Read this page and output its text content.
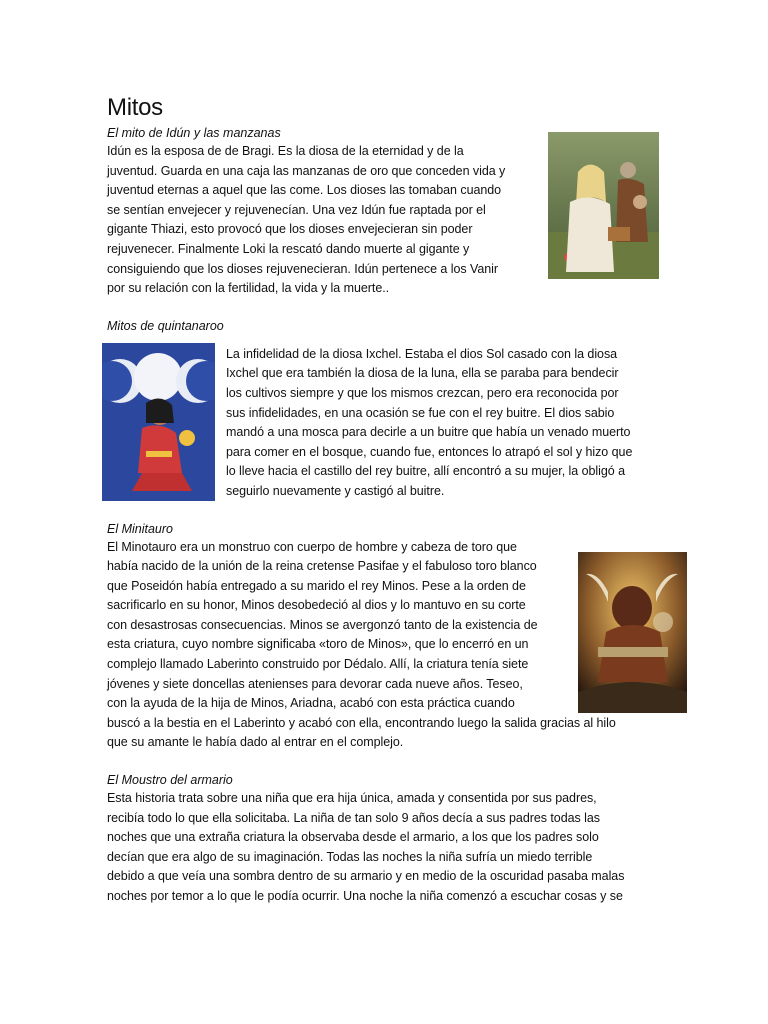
Mitos

El mito de Idún y las manzanas

Idún es la esposa de de Bragi. Es la diosa de la eternidad y de la
juventud. Guarda en una caja las manzanas de oro que conceden vida y
juventud eternas a aquel que las come. Los dioses las tomaban cuando
se sentían envejecer y rejuvenecían. Una vez Idún fue raptada por el
gigante Thiazi, esto provocó que los dioses envejecieran sin poder
rejuvenecer. Finalmente Loki la rescató dando muerte al gigante y
consiguiendo que los dioses rejuvenecieran. Idún pertenece a los Vanir
por su relación con la fertilidad, la vida y la muerte..

Mitos de quintanaroo

La infidelidad de la diosa Ixchel. Estaba el dios Sol casado con la diosa
Ixchel que era también la diosa de la luna, ella se paraba para bendecir
los cultivos siempre y que los mismos crezcan, pero era reconocida por
sus infidelidades, en una ocasión se fue con el rey buitre. El dios sabio
mandó a una mosca para decirle a un buitre que había un venado muerto
para comer en el bosque, cuando fue, entonces lo atrapó el sol y hizo que
lo lleve hacia el castillo del rey buitre, allí encontró a su mujer, la obligó a
seguirlo nuevamente y castigó al buitre.

El Minitauro

El Minotauro era un monstruo con cuerpo de hombre y cabeza de toro que
había nacido de la unión de la reina cretense Pasifae y el fabuloso toro blanco
que Poseidón había entregado a su marido el rey Minos. Pese a la orden de
sacrificarlo en su honor, Minos desobedeció al dios y lo mantuvo en su corte
con desastrosas consecuencias. Minos se avergonzó tanto de la existencia de
esta criatura, cuyo nombre significaba «toro de Minos», que lo encerró en un
complejo llamado Laberinto construido por Dédalo. Allí, la criatura tenía siete
jóvenes y siete doncellas atenienses para devorar cada nueve años. Teseo,
con la ayuda de la hija de Minos, Ariadna, acabó con esta práctica cuando
buscó a la bestia en el Laberinto y acabó con ella, encontrando luego la salida gracias al hilo
que su amante le había dado al entrar en el complejo.

El Moustro del armario

Esta historia trata sobre una niña que era hija única, amada y consentida por sus padres,
recibía todo lo que ella solicitaba. La niña de tan solo 9 años decía a sus padres todas las
noches que una extraña criatura la observaba desde el armario, a los que los padres solo
decían que era algo de su imaginación. Todas las noches la niña sufría un miedo terrible
debido a que veía una sombra dentro de su armario y en medio de la oscuridad pasaba malas
noches por temor a lo que le podía ocurrir. Una noche la niña comenzó a escuchar cosas y se
